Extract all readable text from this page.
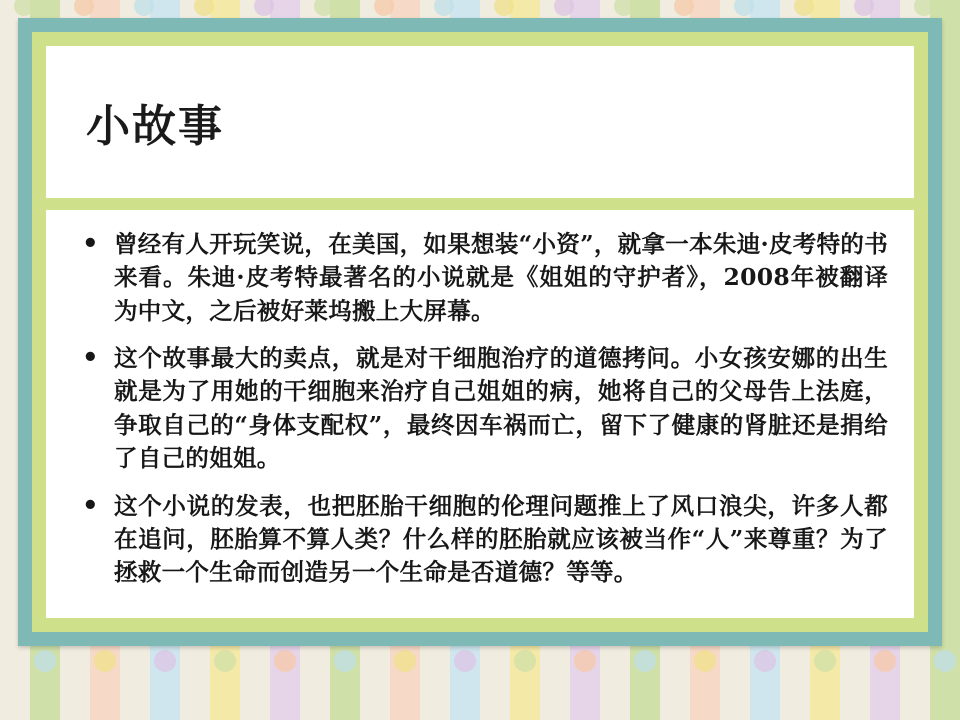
小故事
• 曾经有人开玩笑说，在美国，如果想装“小资”，就拿一本朱迪·皮考特的书来看。朱迪·皮考特最著名的小说就是《姐姐的守护者》，2008年被翻译为中文，之后被好莱坞搬上大屏幕。
• 这个故事最大的卖点，就是对干细胞治疗的道德拷问。小女孩安娜的出生就是为了用她的干细胞来治疗自己姐姐的病，她将自己的父母告上法庭，争取自己的“身体支配权”，最终因车祸而亡，留下了健康的肾脏还是捐给了自己的姐姐。
• 这个小说的发表，也把胚胎干细胞的伦理问题推上了风口浪尖，许多人都在追问，胚胎算不算人类？什么样的胚胎就应该被当作“人”来尊重？为了拯救一个生命而创造另一个生命是否道德？等等。
